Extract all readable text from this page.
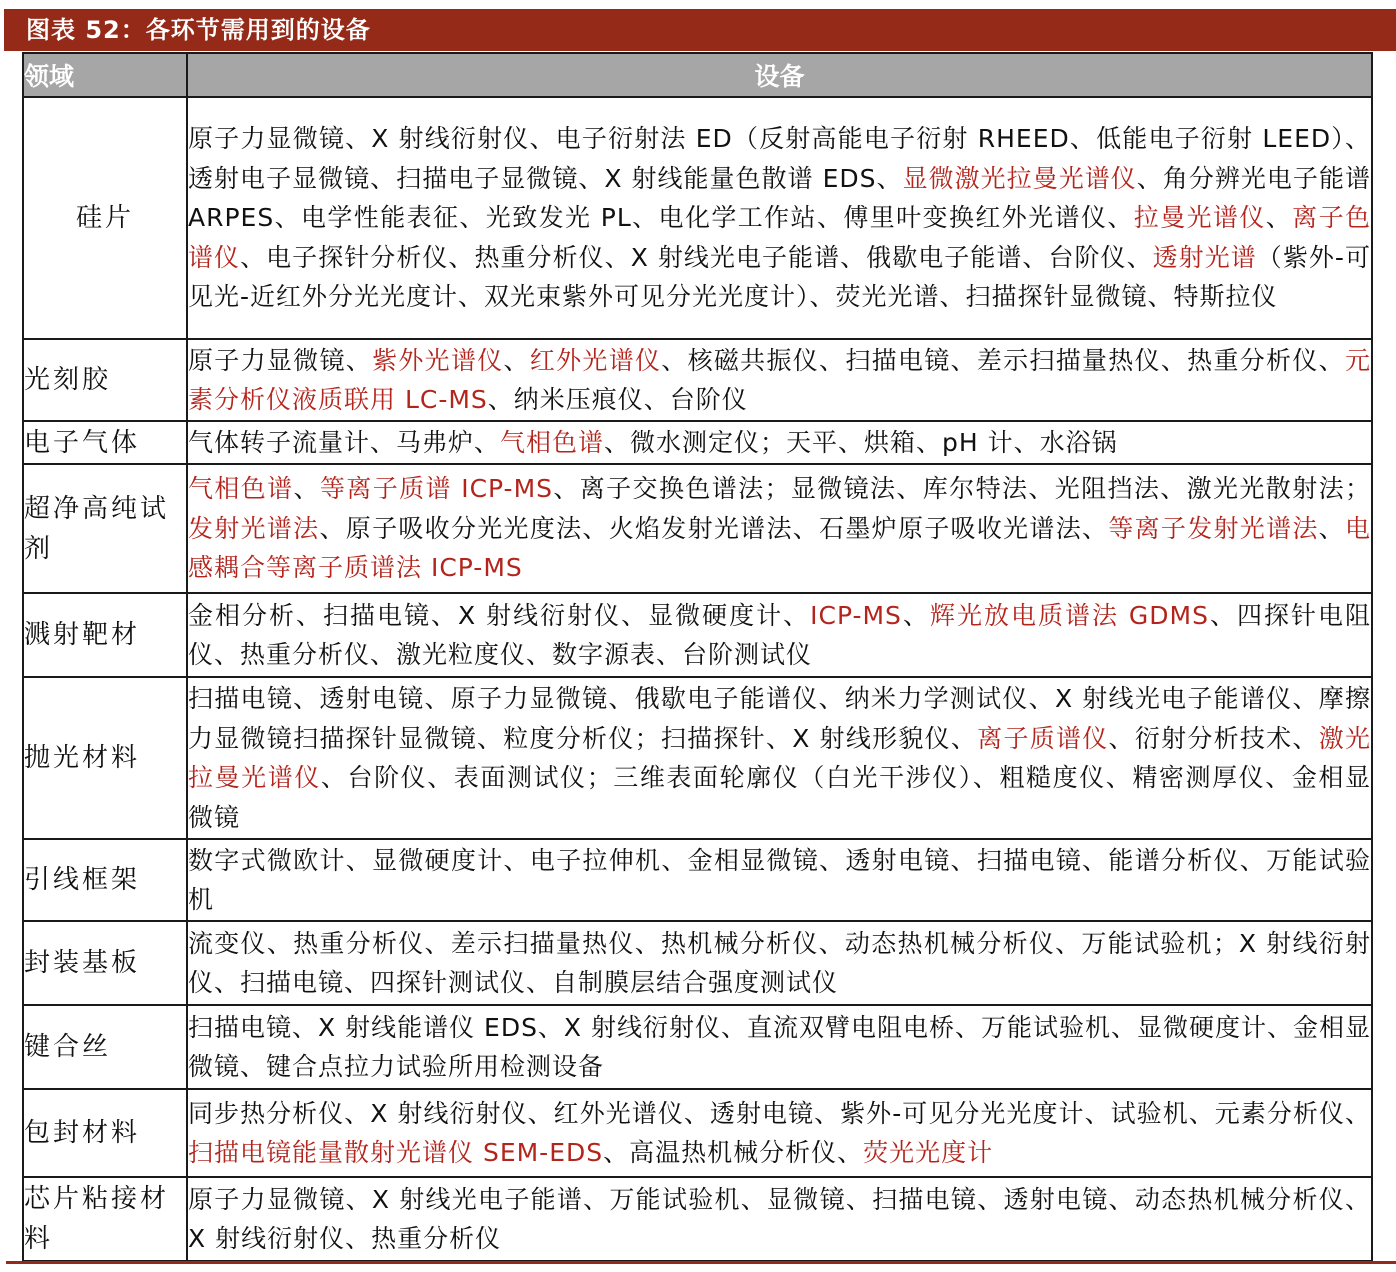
图表 52：各环节需用到的设备
领域	设备
硅片	原子力显微镜、X 射线衍射仪、电子衍射法 ED（反射高能电子衍射 RHEED、低能电子衍射 LEED）、透射电子显微镜、扫描电子显微镜、X 射线能量色散谱 EDS、显微激光拉曼光谱仪、角分辨光电子能谱 ARPES、电学性能表征、光致发光 PL、电化学工作站、傅里叶变换红外光谱仪、拉曼光谱仪、离子色谱仪、电子探针分析仪、热重分析仪、X 射线光电子能谱、俄歇电子能谱、台阶仪、透射光谱（紫外-可见光-近红外分光光度计、双光束紫外可见分光光度计）、荧光光谱、扫描探针显微镜、特斯拉仪
光刻胶	原子力显微镜、紫外光谱仪、红外光谱仪、核磁共振仪、扫描电镜、差示扫描量热仪、热重分析仪、元素分析仪液质联用 LC-MS、纳米压痕仪、台阶仪
电子气体	气体转子流量计、马弗炉、气相色谱、微水测定仪；天平、烘箱、pH 计、水浴锅
超净高纯试剂	气相色谱、等离子质谱 ICP-MS、离子交换色谱法；显微镜法、库尔特法、光阻挡法、激光光散射法；发射光谱法、原子吸收分光光度法、火焰发射光谱法、石墨炉原子吸收光谱法、等离子发射光谱法、电感耦合等离子质谱法 ICP-MS
溅射靶材	金相分析、扫描电镜、X 射线衍射仪、显微硬度计、ICP-MS、辉光放电质谱法 GDMS、四探针电阻仪、热重分析仪、激光粒度仪、数字源表、台阶测试仪
抛光材料	扫描电镜、透射电镜、原子力显微镜、俄歇电子能谱仪、纳米力学测试仪、X 射线光电子能谱仪、摩擦力显微镜扫描探针显微镜、粒度分析仪；扫描探针、X 射线形貌仪、离子质谱仪、衍射分析技术、激光拉曼光谱仪、台阶仪、表面测试仪；三维表面轮廓仪（白光干涉仪）、粗糙度仪、精密测厚仪、金相显微镜
引线框架	数字式微欧计、显微硬度计、电子拉伸机、金相显微镜、透射电镜、扫描电镜、能谱分析仪、万能试验机
封装基板	流变仪、热重分析仪、差示扫描量热仪、热机械分析仪、动态热机械分析仪、万能试验机；X 射线衍射仪、扫描电镜、四探针测试仪、自制膜层结合强度测试仪
键合丝	扫描电镜、X 射线能谱仪 EDS、X 射线衍射仪、直流双臂电阻电桥、万能试验机、显微硬度计、金相显微镜、键合点拉力试验所用检测设备
包封材料	同步热分析仪、X 射线衍射仪、红外光谱仪、透射电镜、紫外-可见分光光度计、试验机、元素分析仪、扫描电镜能量散射光谱仪 SEM-EDS、高温热机械分析仪、荧光光度计
芯片粘接材料	原子力显微镜、X 射线光电子能谱、万能试验机、显微镜、扫描电镜、透射电镜、动态热机械分析仪、X 射线衍射仪、热重分析仪
